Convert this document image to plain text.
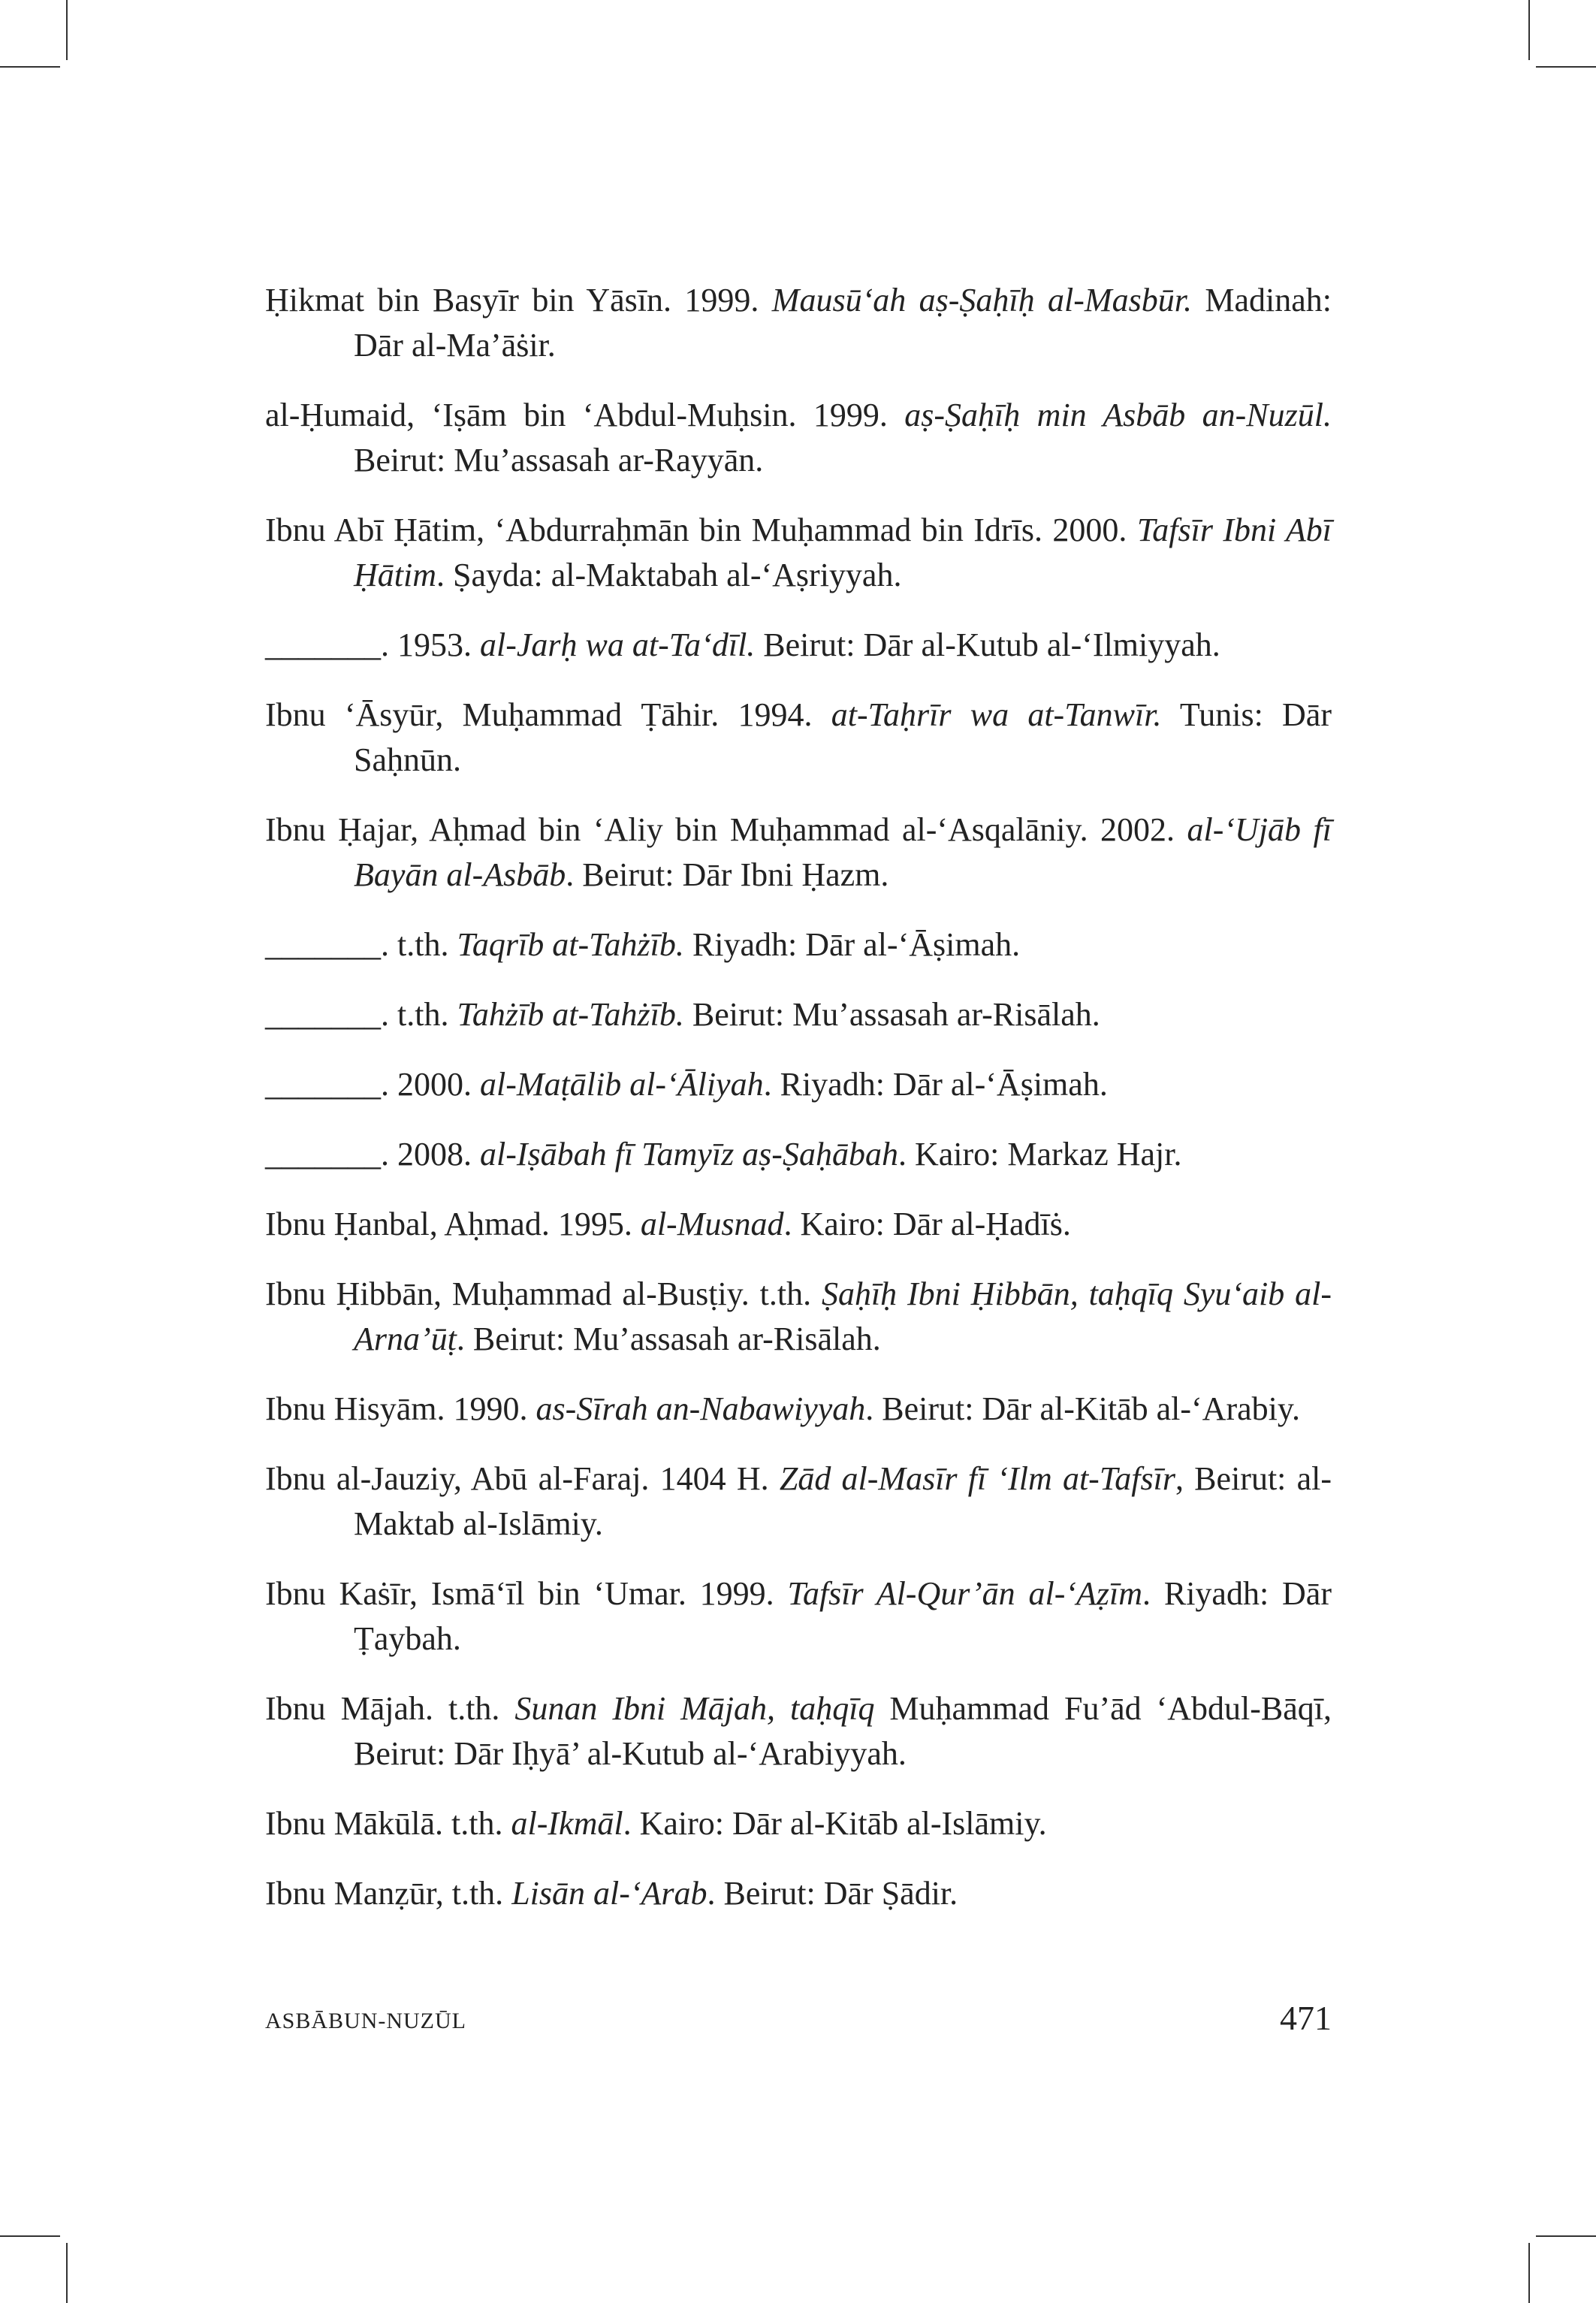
Ḥikmat bin Basyīr bin Yāsīn. 1999. Mausū‘ah aṣ-Ṣaḥīḥ al-Masbūr. Madinah: Dār al-Ma’āṡir.
al-Ḥumaid, ‘Iṣām bin ‘Abdul-Muḥsin. 1999. aṣ-Ṣaḥīḥ min Asbāb an-Nuzūl. Beirut: Mu’assasah ar-Rayyān.
Ibnu Abī Ḥātim, ‘Abdurraḥmān bin Muḥammad bin Idrīs. 2000. Tafsīr Ibni Abī Ḥātim. Ṣayda: al-Maktabah al-‘Aṣriyyah.
_______. 1953. al-Jarḥ wa at-Ta‘dīl. Beirut: Dār al-Kutub al-‘Ilmiyyah.
Ibnu ‘Āsyūr, Muḥammad Ṭāhir. 1994. at-Taḥrīr wa at-Tanwīr. Tunis: Dār Saḥnūn.
Ibnu Ḥajar, Aḥmad bin ‘Aliy bin Muḥammad al-‘Asqalāniy. 2002. al-‘Ujāb fī Bayān al-Asbāb. Beirut: Dār Ibni Ḥazm.
_______. t.th. Taqrīb at-Tahżīb. Riyadh: Dār al-‘Āṣimah.
_______. t.th. Tahżīb at-Tahżīb. Beirut: Mu’assasah ar-Risālah.
_______. 2000. al-Maṭālib al-‘Āliyah. Riyadh: Dār al-‘Āṣimah.
_______. 2008. al-Iṣābah fī Tamyīz aṣ-Ṣaḥābah. Kairo: Markaz Hajr.
Ibnu Ḥanbal, Aḥmad. 1995. al-Musnad. Kairo: Dār al-Ḥadīṡ.
Ibnu Ḥibbān, Muḥammad al-Busṭiy. t.th. Ṣaḥīḥ Ibni Ḥibbān, taḥqīq Syu‘aib al-Arna’ūṭ. Beirut: Mu’assasah ar-Risālah.
Ibnu Hisyām. 1990. as-Sīrah an-Nabawiyyah. Beirut: Dār al-Kitāb al-‘Arabiy.
Ibnu al-Jauziy, Abū al-Faraj. 1404 H. Zād al-Masīr fī ‘Ilm at-Tafsīr, Beirut: al-Maktab al-Islāmiy.
Ibnu Kaṡīr, Ismā‘īl bin ‘Umar. 1999. Tafsīr Al-Qur’ān al-‘Aẓīm. Riyadh: Dār Ṭaybah.
Ibnu Mājah. t.th. Sunan Ibni Mājah, taḥqīq Muḥammad Fu’ād ‘Abdul-Bāqī, Beirut: Dār Iḥyā’ al-Kutub al-‘Arabiyyah.
Ibnu Mākūlā. t.th. al-Ikmāl. Kairo: Dār al-Kitāb al-Islāmiy.
Ibnu Manẓūr, t.th. Lisān al-‘Arab. Beirut: Dār Ṣādir.
ASBĀBUN-NUZŪL	471
